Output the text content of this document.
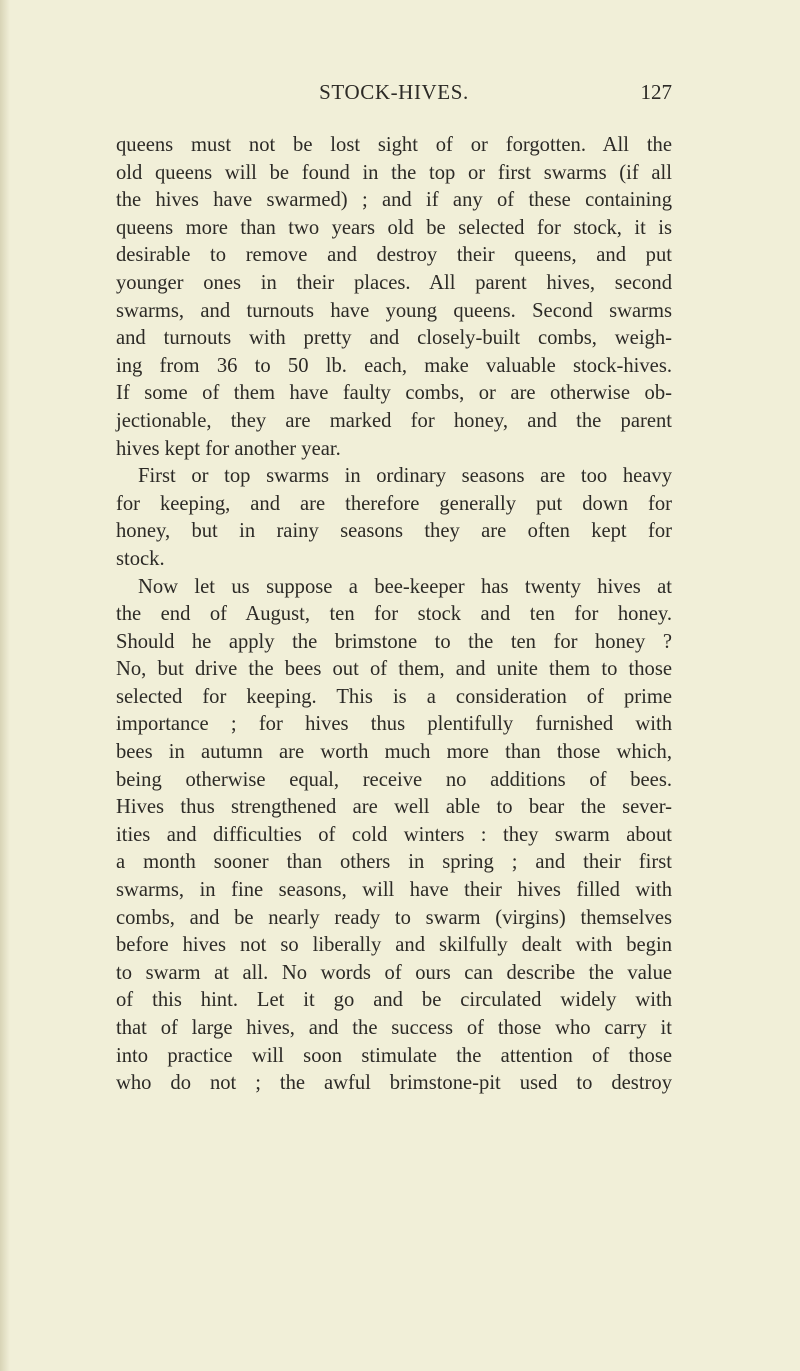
STOCK-HIVES.	127
queens must not be lost sight of or forgotten. All the
old queens will be found in the top or first swarms (if all
the hives have swarmed) ; and if any of these containing
queens more than two years old be selected for stock, it is
desirable to remove and destroy their queens, and put
younger ones in their places. All parent hives, second
swarms, and turnouts have young queens. Second swarms
and turnouts with pretty and closely-built combs, weigh-
ing from 36 to 50 lb. each, make valuable stock-hives.
If some of them have faulty combs, or are otherwise ob-
jectionable, they are marked for honey, and the parent
hives kept for another year.
First or top swarms in ordinary seasons are too heavy
for keeping, and are therefore generally put down for
honey, but in rainy seasons they are often kept for
stock.
Now let us suppose a bee-keeper has twenty hives at
the end of August, ten for stock and ten for honey.
Should he apply the brimstone to the ten for honey ?
No, but drive the bees out of them, and unite them to those
selected for keeping. This is a consideration of prime
importance ; for hives thus plentifully furnished with
bees in autumn are worth much more than those which,
being otherwise equal, receive no additions of bees.
Hives thus strengthened are well able to bear the sever-
ities and difficulties of cold winters : they swarm about
a month sooner than others in spring ; and their first
swarms, in fine seasons, will have their hives filled with
combs, and be nearly ready to swarm (virgins) themselves
before hives not so liberally and skilfully dealt with begin
to swarm at all. No words of ours can describe the value
of this hint. Let it go and be circulated widely with
that of large hives, and the success of those who carry it
into practice will soon stimulate the attention of those
who do not ; the awful brimstone-pit used to destroy
